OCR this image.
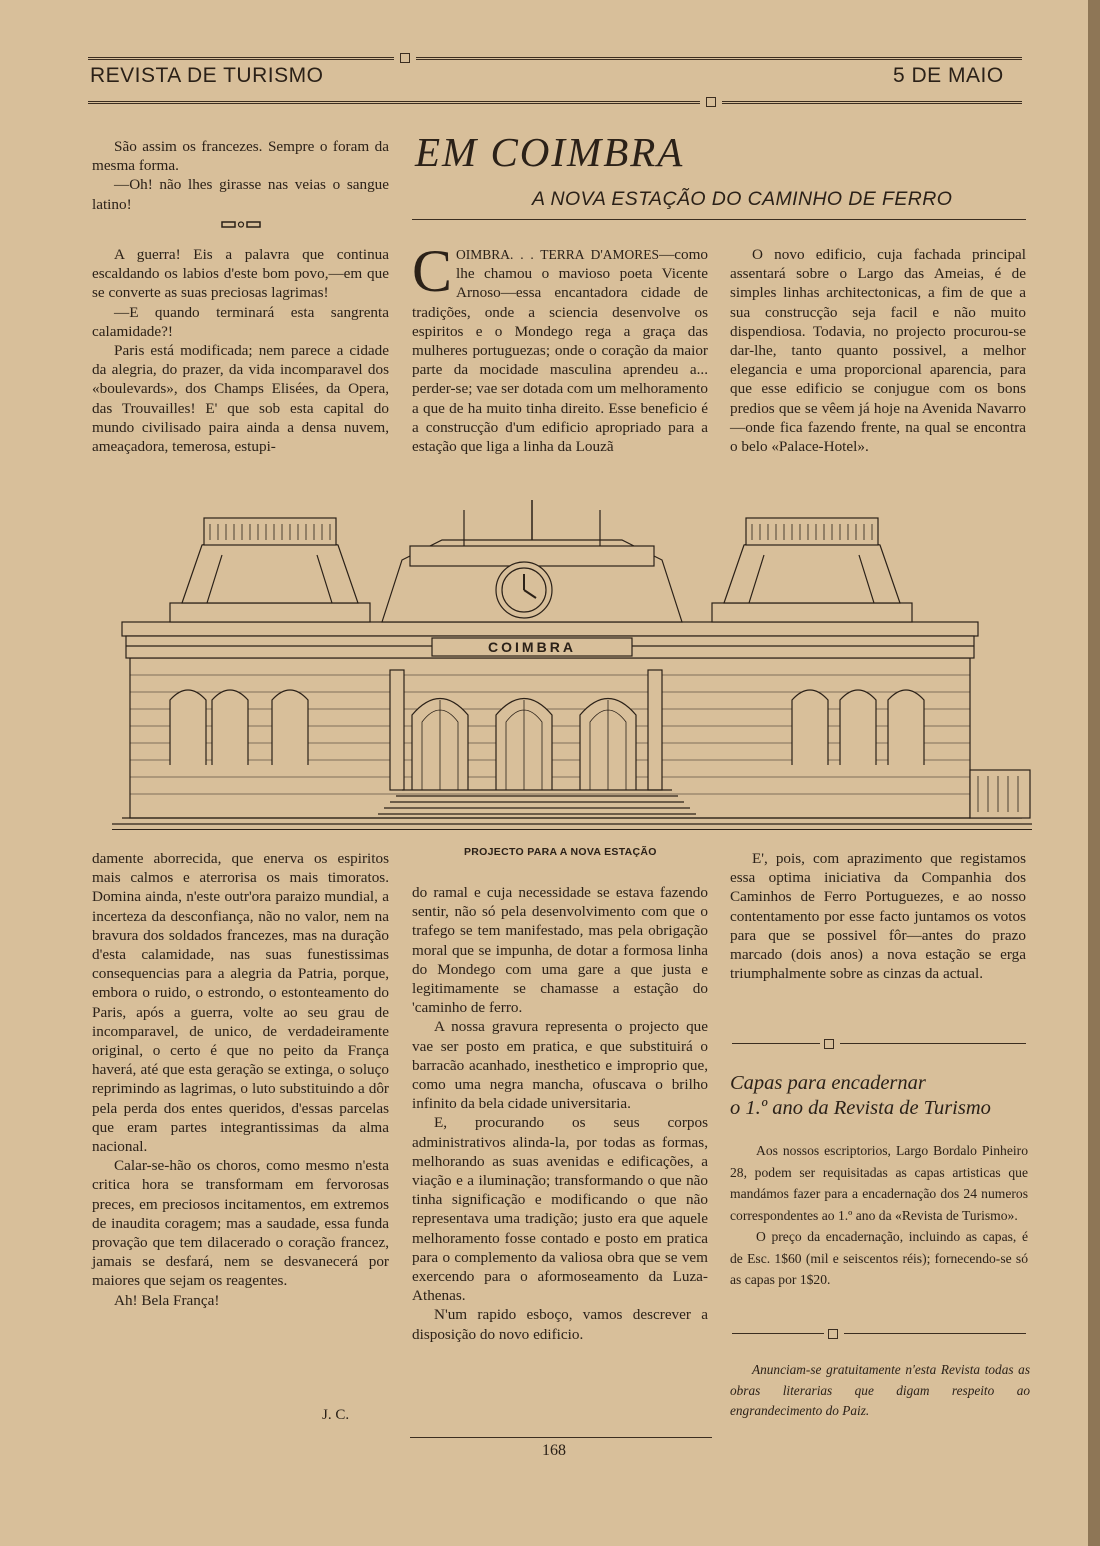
REVISTA DE TURISMO	5 DE MAIO

São assim os francezes. Sempre o foram da mesma forma.

—Oh! não lhes girasse nas veias o sangue latino!

A guerra! Eis a palavra que continua escaldando os labios d'este bom povo,—em que se converte as suas preciosas lagrimas!

—E quando terminará esta sangrenta calamidade?!

Paris está modificada; nem parece a cidade da alegria, do prazer, da vida incomparavel dos «boulevards», dos Champs Elisées, da Opera, das Trouvailles! E' que sob esta capital do mundo civilisado paira ainda a densa nuvem, ameaçadora, temerosa, estupi-

EM COIMBRA
A NOVA ESTAÇÃO DO CAMINHO DE FERRO
COIMBRA. . . TERRA D'AMORES—como lhe chamou o mavioso poeta Vicente Arnoso—essa encantadora cidade de tradições, onde a sciencia desenvolve os espiritos e o Mondego rega a graça das mulheres portuguezas; onde o coração da maior parte da mocidade masculina aprendeu a... perder-se; vae ser dotada com um melhoramento a que de ha muito tinha direito. Esse beneficio é a construcção d'um edificio apropriado para a estação que liga a linha da Louzã

O novo edificio, cuja fachada principal assentará sobre o Largo das Ameias, é de simples linhas architectonicas, a fim de que a sua construcção seja facil e não muito dispendiosa. Todavia, no projecto procurou-se dar-lhe, tanto quanto possivel, a melhor elegancia e uma proporcional aparencia, para que esse edificio se conjugue com os bons predios que se vêem já hoje na Avenida Navarro—onde fica fazendo frente, na qual se encontra o belo «Palace-Hotel».

COIMBRA
PROJECTO PARA A NOVA ESTAÇÃO

damente aborrecida, que enerva os espiritos mais calmos e aterrorisa os mais timoratos. Domina ainda, n'este outr'ora paraizo mundial, a incerteza da desconfiança, não no valor, nem na bravura dos soldados francezes, mas na duração d'esta calamidade, nas suas funestissimas consequencias para a alegria da Patria, porque, embora o ruido, o estrondo, o estonteamento do Paris, após a guerra, volte ao seu grau de incomparavel, de unico, de verdadeiramente original, o certo é que no peito da França haverá, até que esta geração se extinga, o soluço reprimindo as lagrimas, o luto substituindo a dôr pela perda dos entes queridos, d'essas parcelas que eram partes integrantissimas da alma nacional.

Calar-se-hão os choros, como mesmo n'esta critica hora se transformam em fervorosas preces, em preciosos incitamentos, em extremos de inaudita coragem; mas a saudade, essa funda provação que tem dilacerado o coração francez, jamais se desfará, nem se desvanecerá por maiores que sejam os reagentes.

Ah! Bela França!

J. C.

do ramal e cuja necessidade se estava fazendo sentir, não só pela desenvolvimento com que o trafego se tem manifestado, mas pela obrigação moral que se impunha, de dotar a formosa linha do Mondego com uma gare a que justa e legitimamente se chamasse a estação do 'caminho de ferro.

A nossa gravura representa o projecto que vae ser posto em pratica, e que substituirá o barracão acanhado, inesthetico e improprio que, como uma negra mancha, ofuscava o brilho infinito da bela cidade universitaria.

E, procurando os seus corpos administrativos alinda-la, por todas as formas, melhorando as suas avenidas e edificações, a viação e a iluminação; transformando o que não tinha significação e modificando o que não representava uma tradição; justo era que aquele melhoramento fosse contado e posto em pratica para o complemento da valiosa obra que se vem exercendo para o aformoseamento da Luza-Athenas.

N'um rapido esboço, vamos descrever a disposição do novo edificio.

E', pois, com aprazimento que registamos essa optima iniciativa da Companhia dos Caminhos de Ferro Portuguezes, e ao nosso contentamento por esse facto juntamos os votos para que se possivel fôr—antes do prazo marcado (dois anos) a nova estação se erga triumphalmente sobre as cinzas da actual.

Capas para encadernar
o 1.º ano da Revista de Turismo

Aos nossos escriptorios, Largo Bordalo Pinheiro 28, podem ser requisitadas as capas artisticas que mandámos fazer para a encadernação dos 24 numeros correspondentes ao 1.º ano da «Revista de Turismo».

O preço da encadernação, incluindo as capas, é de Esc. 1$60 (mil e seiscentos réis); fornecendo-se só as capas por 1$20.

Anunciam-se gratuitamente n'esta Revista todas as obras literarias que digam respeito ao engrandecimento do Paiz.

168
